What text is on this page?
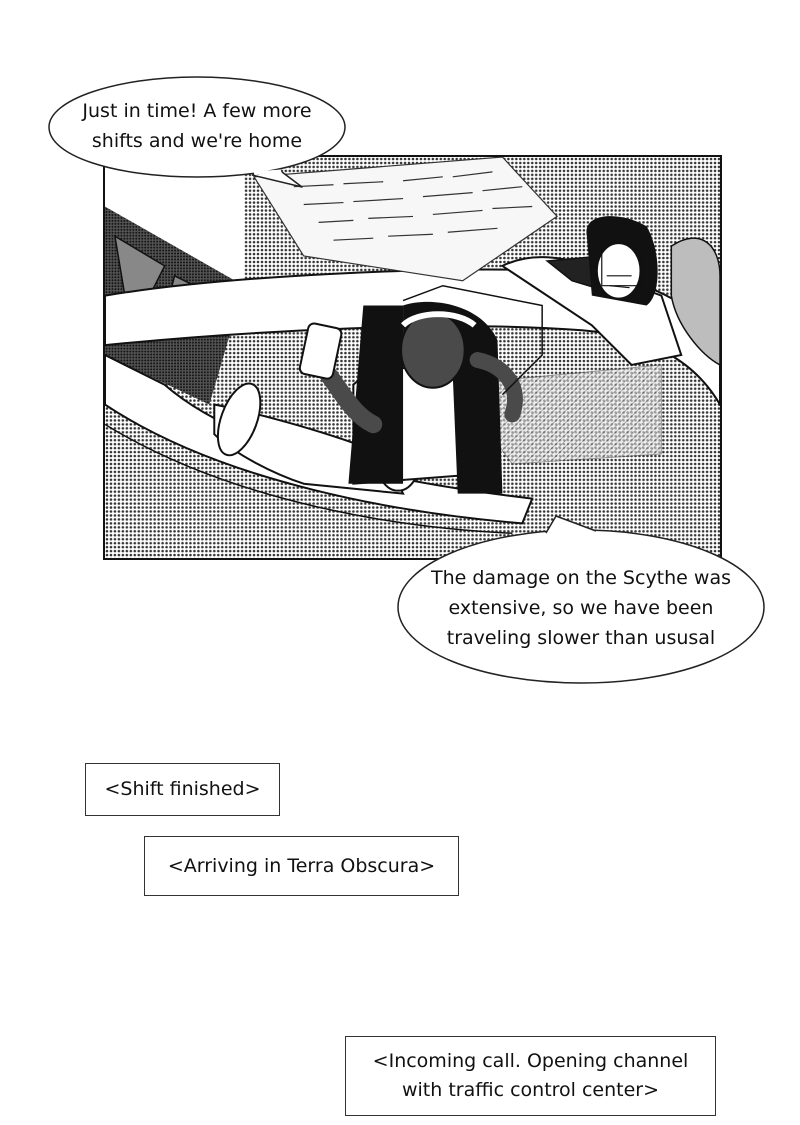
Just in time! A few more
shifts and we're home
The damage on the Scythe was
extensive, so we have been
traveling slower than ususal
<Shift finished>
<Arriving in Terra Obscura>
<Incoming call. Opening channel
with traffic control center>
